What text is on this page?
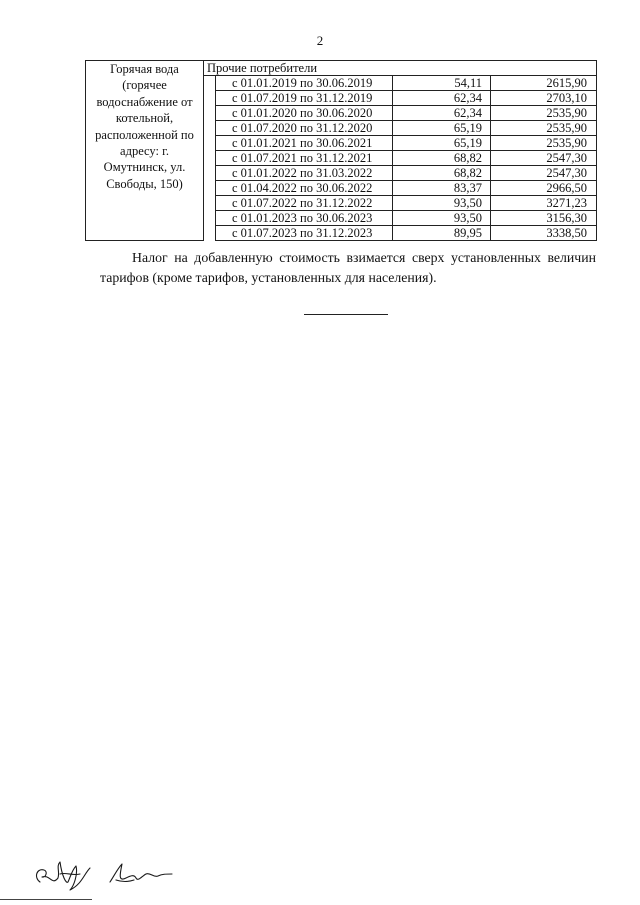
2
Горячая вода (горячее водоснабжение от котельной, расположенной по адресу: г. Омутнинск, ул. Свободы, 150)	Прочие потребители			
		с 01.01.2019 по 30.06.2019	54,11	2615,90
		с 01.07.2019 по 31.12.2019	62,34	2703,10
		с 01.01.2020 по 30.06.2020	62,34	2535,90
		с 01.07.2020 по 31.12.2020	65,19	2535,90
		с 01.01.2021 по 30.06.2021	65,19	2535,90
		с 01.07.2021 по 31.12.2021	68,82	2547,30
		с 01.01.2022 по 31.03.2022	68,82	2547,30
		с 01.04.2022 по 30.06.2022	83,37	2966,50
		с 01.07.2022 по 31.12.2022	93,50	3271,23
		с 01.01.2023 по 30.06.2023	93,50	3156,30
		с 01.07.2023 по 31.12.2023	89,95	3338,50
Налог на добавленную стоимость взимается сверх установленных величин тарифов (кроме тарифов, установленных для населения).
